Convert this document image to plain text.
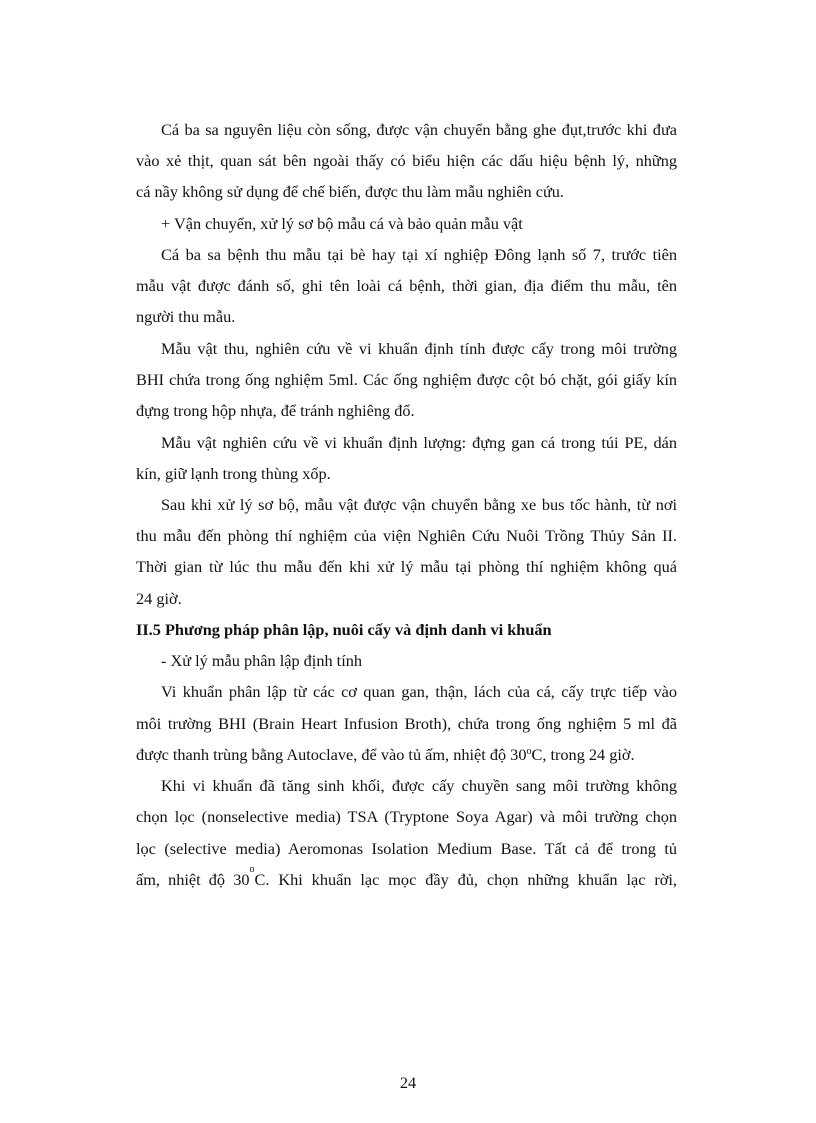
Cá ba sa nguyên liệu còn sống, được vận chuyển bằng ghe đụt,trước khi đưa
vào xẻ thịt, quan sát bên ngoài thấy có biểu hiện các dấu hiệu bệnh lý, những
cá nầy không sử dụng để chế biến, được thu làm mẫu nghiên cứu.
+ Vận chuyển, xử lý sơ bộ mẫu cá và bảo quản mẫu vật
Cá ba sa bệnh thu mẫu tại bè hay tại xí nghiệp Đông lạnh số 7, trước tiên
mẫu vật được đánh số, ghi tên loài cá bệnh, thời gian, địa điểm thu mẫu, tên
người thu mẫu.
Mẫu vật thu, nghiên cứu về vi khuẩn định tính được cấy trong môi trường
BHI chứa trong ống nghiệm 5ml. Các ống nghiệm được cột bó chặt, gói giấy kín
đựng trong hộp nhựa, để tránh nghiêng đổ.
Mẫu vật nghiên cứu về vi khuẩn định lượng: đựng gan cá trong túi PE, dán
kín, giữ lạnh trong thùng xốp.
Sau khi xử lý sơ bộ, mẫu vật được vận chuyển bằng xe bus tốc hành, từ nơi
thu mẫu đến phòng thí nghiệm của viện Nghiên Cứu Nuôi Trồng Thủy Sản II.
Thời gian từ lúc thu mẫu đến khi xử lý mẫu tại phòng thí nghiệm không quá
24 giờ.
II.5 Phương pháp phân lập, nuôi cấy và định danh vi khuẩn
- Xử lý mẫu phân lập định tính
Vi khuẩn phân lập từ các cơ quan gan, thận, lách của cá, cấy trực tiếp vào
môi trường BHI (Brain Heart Infusion Broth), chứa trong ống nghiệm 5 ml đã
được thanh trùng bằng Autoclave, để vào tủ ấm, nhiệt độ 30$^o$C, trong 24 giờ.
Khi vi khuẩn đã tăng sinh khối, được cấy chuyền sang môi trường không
chọn lọc (nonselective media) TSA (Tryptone Soya Agar) và môi trường chọn
lọc (selective media) Aeromonas Isolation Medium Base. Tất cả để trong tủ
ấm,  nhiệt  độ  30
o
C. Khi khuẩn lạc mọc đầy đủ, chọn những khuẩn lạc rời,
24
